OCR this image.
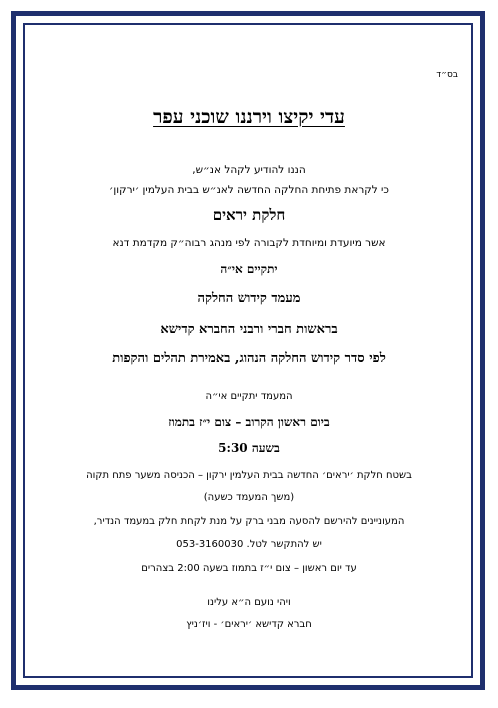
בס״ד
עדי יקיצו וירננו שוכני עפר
הננו להודיע לקהל אנ״ש,
כי לקראת פתיחת החלקה החדשה לאנ״ש בבית העלמין ׳ירקון׳
חלקת יראים
אשר מיועדת ומיוחדת לקבורה לפי מנהג רבוה״ק מקדמת דנא
יתקיים אי״ה
מעמד קידוש החלקה
בראשות חברי ורבני החברא קדישא
לפי סדר קידוש החלקה הנהוג, באמירת תהלים והקפות
המעמד יתקיים אי״ה
ביום ראשון הקרוב – צום י״ז בתמוז
בשעה 5:30
בשטח חלקת ׳יראים׳ החדשה בבית העלמין ירקון – הכניסה משער פתח תקוה
(משך המעמד כשעה)
המעוניינים להירשם להסעה מבני ברק על מנת לקחת חלק במעמד הנדיר,
יש להתקשר לטל. 053-3160030
עד יום ראשון – צום י״ז בתמוז בשעה 2:00 בצהרים
ויהי נועם ה״א עלינו
חברא קדישא ׳יראים׳ - ויז׳ניץ
